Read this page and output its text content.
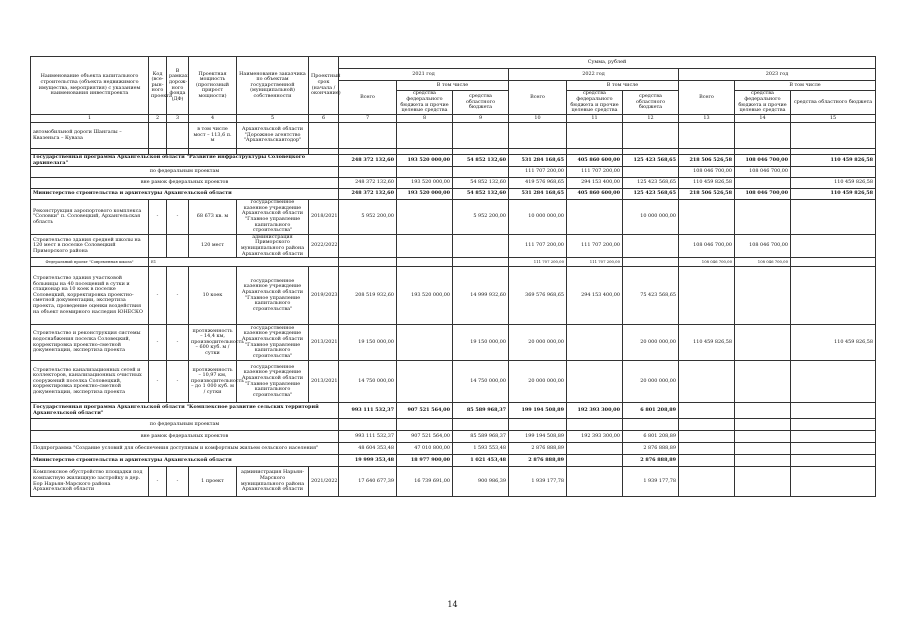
Наименование объекта капитального строительства (объекта недвижимого имущества, мероприятия) с указанием наименования инвестпроекта	Код (все-рын-ного проекта	В рамках дорож-ного фонда (ДФ)	Проектная мощность (прогнозный прирост мощности)	Наименование заказчика по объектам государственной (муниципальной) собственности	Проектный срок (начала / окончание)	Сумма, рублей								
						2021 год			2022 год			2023 год		
						Всего	В том числе		Всего	В том числе		Всего	В том числе	
							средства федерального бюджета и прочие целевые средства	средства областного бюджета		средства федерального бюджета и прочие целевые средства	средства областного бюджета		средства федерального бюджета и прочие целевые средства	средства областного бюджета
1	2	3	4	5	6	7	8	9	10	11	12	13	14	15
автомобильной дороги Шангалы – Квазеньга – Куваза			в том числе мост – 113,6 п. м	Архангельской области "Дорожное агентство "Архангельскавтодор"										

Государственная программа Архангельской области "Развитие инфраструктуры Соловецкого архипелага"						248 372 132,60	193 520 000,00	54 852 132,60	531 284 168,65	405 860 600,00	125 423 568,65	218 506 526,58	108 046 700,00	110 459 826,58
по федеральным проектам									111 707 200,00	111 707 200,00		108 046 700,00	108 046 700,00	
вне рамок федеральных проектов						248 372 132,60	193 520 000,00	54 852 132,60	419 576 968,65	294 153 400,00	125 423 568,65	110 459 826,58		110 459 826,58
Министерство строительства и архитектуры Архангельской области						248 372 132,60	193 520 000,00	54 852 132,60	531 284 168,65	405 860 600,00	125 423 568,65	218 506 526,58	108 046 700,00	110 459 826,58
Реконструкция аэропортового комплекса "Соловки" п. Соловецкий, Архангельская область	-	-	68 673 кв. м	государственное казенное учреждение Архангельской области "Главное управление капитального строительства"	2018/2021	5 952 200,00		5 952 200,00	10 000 000,00		10 000 000,00			
Строительство здания средней школы на 120 мест в поселке Соловецкий Приморского района			120 мест	администрация Приморского муниципального района Архангельской области	2022/2022				111 707 200,00	111 707 200,00		108 046 700,00	108 046 700,00	
Федеральный проект "Современная школа"	Е1								111 707 200,00	111 707 200,00		108 046 700,00	108 046 700,00	
Строительство здания участковой больницы на 40 посещений в сутки и стационар на 10 коек в поселке Соловецкий, корректировка проектно-сметной документации, экспертиза проекта, проведение оценки воздействия на объект всемирного наследия ЮНЕСКО	-	-	10 коек	государственное казенное учреждение Архангельской области "Главное управление капитального строительства"	2019/2023	208 519 932,60	193 520 000,00	14 999 932,60	369 576 968,65	294 153 400,00	75 423 568,65			
Строительство и реконструкция системы водоснабжения поселка Соловецкий, корректировка проектно-сметной документации, экспертиза проекта	-	-	протяженность – 14,4 км, производительность – 600 куб. м / сутки	государственное казенное учреждение Архангельской области "Главное управление капитального строительства"	2013/2021	19 150 000,00		19 150 000,00	20 000 000,00		20 000 000,00	110 459 826,58		110 459 826,58
Строительство канализационных сетей и коллекторов, канализационных очистных сооружений поселка Соловецкий, корректировка проектно-сметной документации, экспертиза проекта	-	-	протяженность – 10,97 км, производительность – до 1 000 куб. м / сутки	государственное казенное учреждение Архангельской области "Главное управление капитального строительства"	2013/2021	14 750 000,00		14 750 000,00	20 000 000,00		20 000 000,00			
Государственная программа Архангельской области "Комплексное развитие сельских территорий Архангельской области"						993 111 532,37	907 521 564,00	85 589 968,37	199 194 508,89	192 393 300,00	6 801 208,89			
по федеральным проектам														
вне рамок федеральных проектов						993 111 532,37	907 521 564,00	85 589 968,37	199 194 508,89	192 393 300,00	6 801 208,89			
Подпрограмма "Создание условий для обеспечения доступным и комфортным жильем сельского населения"						48 604 353,48	47 010 800,00	1 593 553,48	2 876 888,89		2 876 888,89			
Министерство строительства и архитектуры Архангельской области						19 999 353,48	18 977 900,00	1 021 453,48	2 876 888,89		2 876 888,89			
Комплексное обустройство площадки под компактную жилищную застройку в дер. Бор Нарьян-Марского района Архангельской области	-	-	1 проект	администрация Нарьян-Марского муниципального района Архангельской области	2021/2022	17 640 677,39	16 739 691,00	900 986,39	1 939 177,78		1 939 177,78			
14
